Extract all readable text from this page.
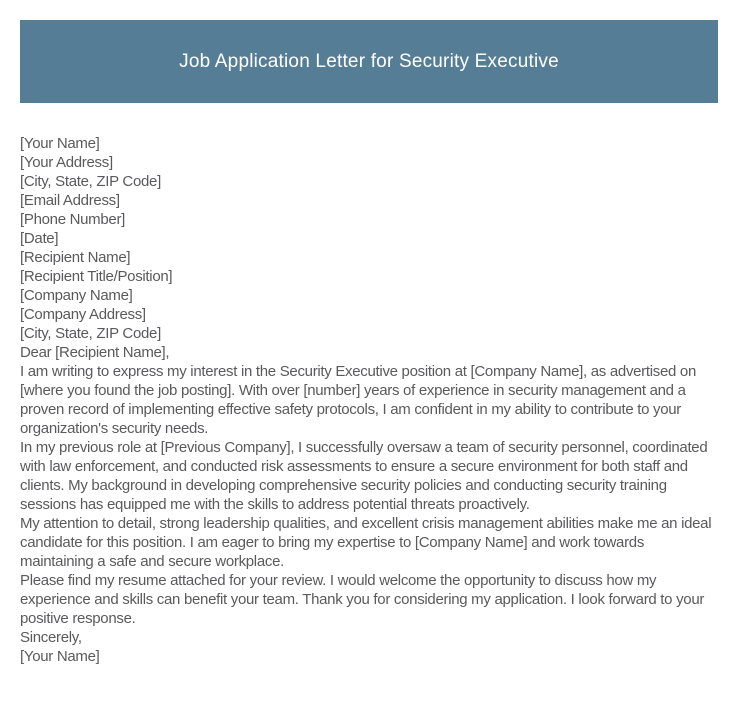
Job Application Letter for Security Executive
[Your Name]
[Your Address]
[City, State, ZIP Code]
[Email Address]
[Phone Number]
[Date]
[Recipient Name]
[Recipient Title/Position]
[Company Name]
[Company Address]
[City, State, ZIP Code]
Dear [Recipient Name],

I am writing to express my interest in the Security Executive position at [Company Name], as advertised on [where you found the job posting]. With over [number] years of experience in security management and a proven record of implementing effective safety protocols, I am confident in my ability to contribute to your organization's security needs.

In my previous role at [Previous Company], I successfully oversaw a team of security personnel, coordinated with law enforcement, and conducted risk assessments to ensure a secure environment for both staff and clients. My background in developing comprehensive security policies and conducting security training sessions has equipped me with the skills to address potential threats proactively.

My attention to detail, strong leadership qualities, and excellent crisis management abilities make me an ideal candidate for this position. I am eager to bring my expertise to [Company Name] and work towards maintaining a safe and secure workplace.

Please find my resume attached for your review. I would welcome the opportunity to discuss how my experience and skills can benefit your team. Thank you for considering my application. I look forward to your positive response.

Sincerely,
[Your Name]
